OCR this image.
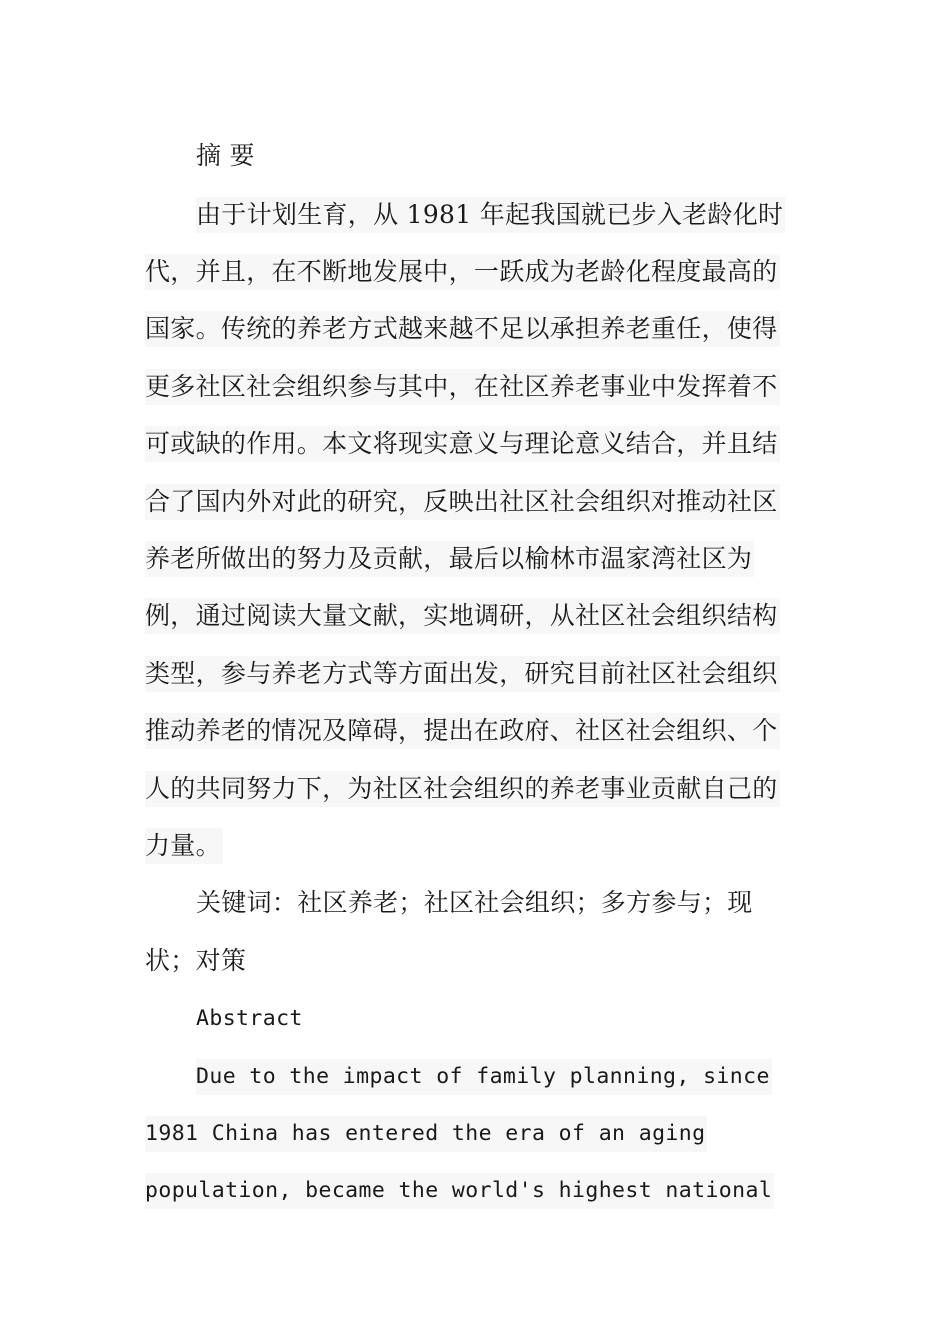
摘 要
由于计划生育，从 1981 年起我国就已步入老龄化时
代，并且，在不断地发展中，一跃成为老龄化程度最高的
国家。传统的养老方式越来越不足以承担养老重任，使得
更多社区社会组织参与其中，在社区养老事业中发挥着不
可或缺的作用。本文将现实意义与理论意义结合，并且结
合了国内外对此的研究，反映出社区社会组织对推动社区
养老所做出的努力及贡献，最后以榆林市温家湾社区为
例，通过阅读大量文献，实地调研，从社区社会组织结构
类型，参与养老方式等方面出发，研究目前社区社会组织
推动养老的情况及障碍，提出在政府、社区社会组织、个
人的共同努力下，为社区社会组织的养老事业贡献自己的
力量。
关键词：社区养老；社区社会组织；多方参与；现
状；对策
Abstract
Due to the impact of family planning, since
1981 China has entered the era of an aging
population, became the world's highest national
